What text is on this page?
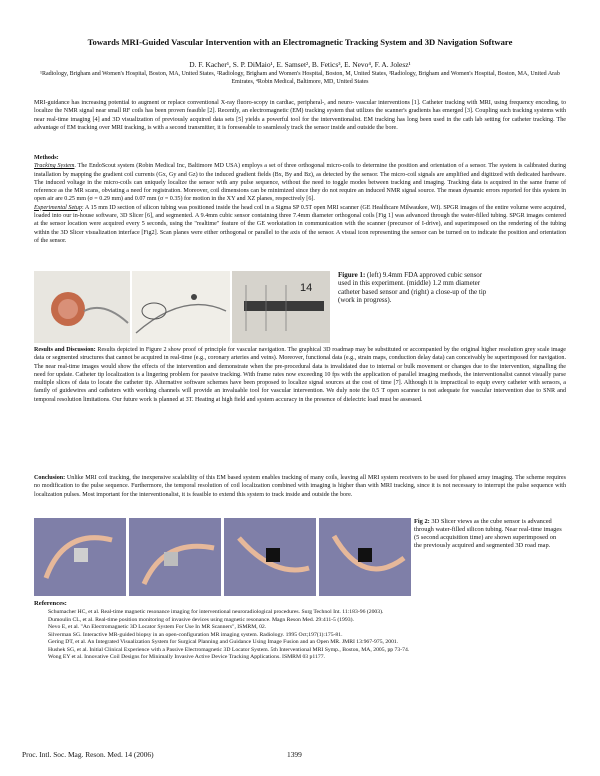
Towards MRI-Guided Vascular Intervention with an Electromagnetic Tracking System and 3D Navigation Software
D. F. Kacher¹, S. P. DiMaio¹, E. Samset², B. Fetics³, E. Nevo⁴, F. A. Jolesz¹
¹Radiology, Brigham and Women's Hospital, Boston, MA, United States, ²Radiology, Brigham and Women's Hospital, Boston, M, United States, ³Radiology, Brigham and Women's Hospital, Boston, MA, United Arab Emirates, ⁴Robin Medical, Baltimore, MD, United States
MRI-guidance has increasing potential to augment or replace conventional X-ray fluoro-scopy in cardiac, peripheral-, and neuro- vascular interventions [1]. Catheter tracking with MRI, using frequency encoding, to localize the NMR signal near small RF coils has been proven feasible [2]. Recently, an electromagnetic (EM) tracking system that utilizes the scanner's gradients has emerged [3]. Coupling such tracking systems with near real-time imaging [4] and 3D visualization of previously acquired data sets [5] yields a powerful tool for the interventionalist. EM tracking has long been used in the cath lab setting for catheter tracking. The advantage of EM tracking over MRI tracking, is with a second transmitter, it is foreseeable to seamlessly track the sensor inside and outside the bore.
Methods:
Tracking System. The EndoScout system (Robin Medical Inc, Baltimore MD USA) employs a set of three orthogonal micro-coils to determine the position and orientation of a sensor. The system is calibrated during installation by mapping the gradient coil currents (Gx, Gy and Gz) to the induced gradient fields (Bx, By and Bz), as detected by the sensor. The micro-coil signals are amplified and digitized with dedicated hardware. The induced voltage in the micro-coils can uniquely localize the sensor with any pulse sequence, without the need to toggle modes between tracking and imaging. Tracking data is acquired in the same frame of reference as the MR scans, obviating a need for registration. Moreover, coil dimensions can be minimized since they do not require an induced NMR signal source. The mean dynamic errors reported for this system in open air are 0.25 mm (σ = 0.29 mm) and 0.07 mm (σ = 0.35) for motion in the XY and XZ planes, respectively [6].
Experimental Setup: A 15 mm ID section of silicon tubing was positioned inside the head coil in a Sigma SP 0.5T open MRI scanner (GE Healthcare Milwaukee, WI). SPGR images of the entire volume were acquired, loaded into our in-house software, 3D Slicer [6], and segmented. A 9.4mm cubic sensor containing three 7.4mm diameter orthogonal coils [Fig 1] was advanced through the water-filled tubing. SPGR images centered at the sensor location were acquired every 5 seconds, using the "realtime" feature of the GE workstation in communication with the scanner (precursor of I-drive), and superimposed on the rendering of the tubing within the 3D Slicer visualization interface [Fig2]. Scan planes were either orthogonal or parallel to the axis of the sensor. A visual icon representing the sensor can be turned on to indicate the position and orientation of the sensor.
14
Figure 1: (left) 9.4mm FDA approved cubic sensor used in this experiment. (middle) 1.2 mm diameter catheter based sensor and (right) a close-up of the tip (work in progress).
Results and Discussion: Results depicted in Figure 2 show proof of principle for vascular navigation. The graphical 3D roadmap may be substituted or accompanied by the original higher resolution grey scale image data or segmented structures that cannot be acquired in real-time (e.g., coronary arteries and veins). Moreover, functional data (e.g., strain maps, conduction delay data) can conceivably be superimposed for navigation. The near real-time images would show the effects of the intervention and demonstrate when the pre-procedural data is invalidated due to internal or bulk movement or changes due to the intervention, signalling the need for update. Catheter tip localization is a lingering problem for passive tracking. With frame rates now exceeding 10 fps with the application of parallel imaging methods, the interventionalist cannot visually parse multiple slices of data to locate the catheter tip. Alternative software schemes have been proposed to localize signal sources at the cost of time [7]. Although it is impractical to equip every catheter with sensors, a family of guidewires and catheters with working channels will provide an invaluable tool for vascular intervention. We duly note the 0.5 T open scanner is not adequate for vascular intervention due to SNR and temporal resolution limitations. Our future work is planned at 3T. Heating at high field and system accuracy in the presence of dielectric load must be assessed.
Conclusion: Unlike MRI coil tracking, the inexpensive scalability of this EM based system enables tracking of many coils, leaving all MRI system receivers to be used for phased array imaging. The scheme requires no modification to the pulse sequence. Furthermore, the temporal resolution of coil localization combined with imaging is higher than with MRI tracking, since it is not necessary to interrupt the pulse sequence with localization pulses. Most important for the interventionalist, it is feasible to extend this system to track inside and outside the bore.
Fig 2: 3D Slicer views as the cube sensor is advanced through water-filled silicon tubing. Near real-time images (5 second acquisition time) are shown superimposed on the previously acquired and segmented 3D road map.
References:
1. Schumacher HC, et al. Real-time magnetic resonance imaging for interventional neuroradiological procedures. Surg Technol Int. 11:183-96 (2003).
2. Dumoulin CL, et al. Real-time position monitoring of invasive devices using magnetic resonance. Magn Reson Med. 29:411-5 (1993).
3. Nevo E, et al. "An Electromagnetic 3D Locator System For Use In MR Scanners", ISMRM, 02.
4. Silverman SG. Interactive MR-guided biopsy in an open-configuration MR imaging system. Radiology. 1995 Oct;197(1):175-81.
5. Gering DT, et al. An Integrated Visualization System for Surgical Planning and Guidance Using Image Fusion and an Open MR. JMRI 13:967-975, 2001.
6. Hushek SG, et al. Initial Clinical Experience with a Passive Electromagnetic 3D Locator System. 5th Interventional MRI Symp., Boston, MA, 2005, pp 73-74.
7. Wong EY et al. Innovative Coil Designs for Minimally Invasive Active Device Tracking Applications. ISMRM 03 p1177.
Proc. Intl. Soc. Mag. Reson. Med. 14 (2006)	1399
